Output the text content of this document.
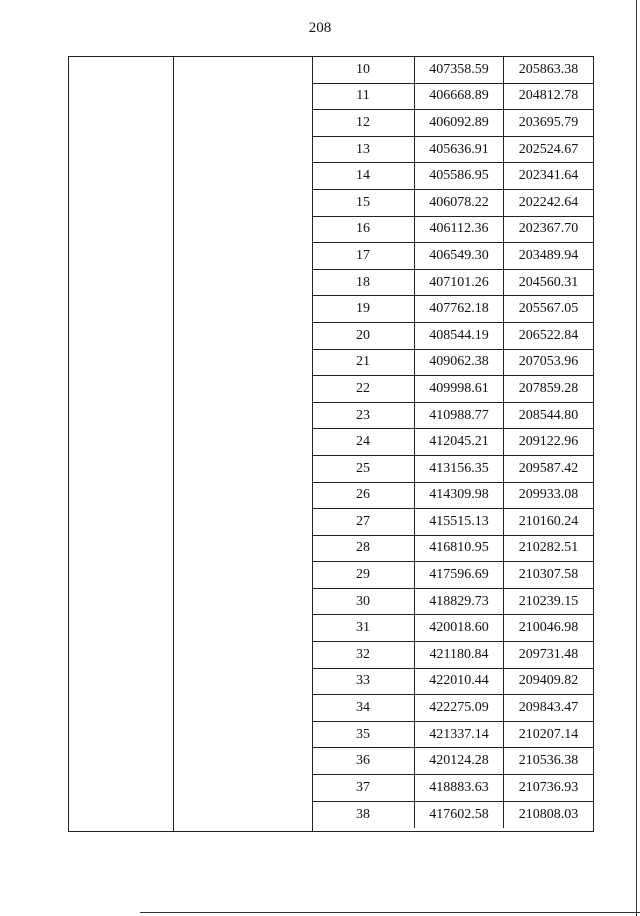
208
10	407358.59	205863.38
11	406668.89	204812.78
12	406092.89	203695.79
13	405636.91	202524.67
14	405586.95	202341.64
15	406078.22	202242.64
16	406112.36	202367.70
17	406549.30	203489.94
18	407101.26	204560.31
19	407762.18	205567.05
20	408544.19	206522.84
21	409062.38	207053.96
22	409998.61	207859.28
23	410988.77	208544.80
24	412045.21	209122.96
25	413156.35	209587.42
26	414309.98	209933.08
27	415515.13	210160.24
28	416810.95	210282.51
29	417596.69	210307.58
30	418829.73	210239.15
31	420018.60	210046.98
32	421180.84	209731.48
33	422010.44	209409.82
34	422275.09	209843.47
35	421337.14	210207.14
36	420124.28	210536.38
37	418883.63	210736.93
38	417602.58	210808.03
